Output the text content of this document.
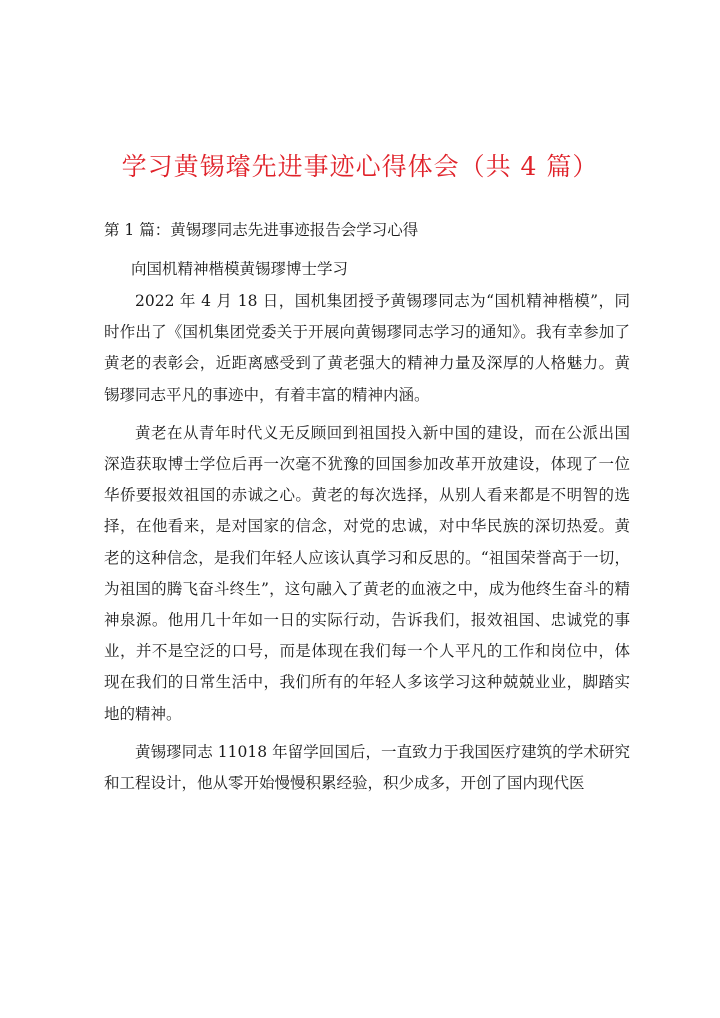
学习黄锡璿先进事迹心得体会（共 4 篇）

第 1 篇：黄锡璆同志先进事迹报告会学习心得

向国机精神楷模黄锡璆博士学习

2022 年 4 月 18 日，国机集团授予黄锡璆同志为“国机精神楷模”，同时作出了《国机集团党委关于开展向黄锡璆同志学习的通知》。我有幸参加了黄老的表彰会，近距离感受到了黄老强大的精神力量及深厚的人格魅力。黄锡璆同志平凡的事迹中，有着丰富的精神内涵。

黄老在从青年时代义无反顾回到祖国投入新中国的建设，而在公派出国深造获取博士学位后再一次毫不犹豫的回国参加改革开放建设，体现了一位华侨要报效祖国的赤诚之心。黄老的每次选择，从别人看来都是不明智的选择，在他看来，是对国家的信念，对党的忠诚，对中华民族的深切热爱。黄老的这种信念，是我们年轻人应该认真学习和反思的。“祖国荣誉高于一切，为祖国的腾飞奋斗终生”，这句融入了黄老的血液之中，成为他终生奋斗的精神泉源。他用几十年如一日的实际行动，告诉我们，报效祖国、忠诚党的事业，并不是空泛的口号，而是体现在我们每一个人平凡的工作和岗位中，体现在我们的日常生活中，我们所有的年轻人多该学习这种兢兢业业，脚踏实地的精神。

黄锡璆同志 11018 年留学回国后，一直致力于我国医疗建筑的学术研究和工程设计，他从零开始慢慢积累经验，积少成多，开创了国内现代医
